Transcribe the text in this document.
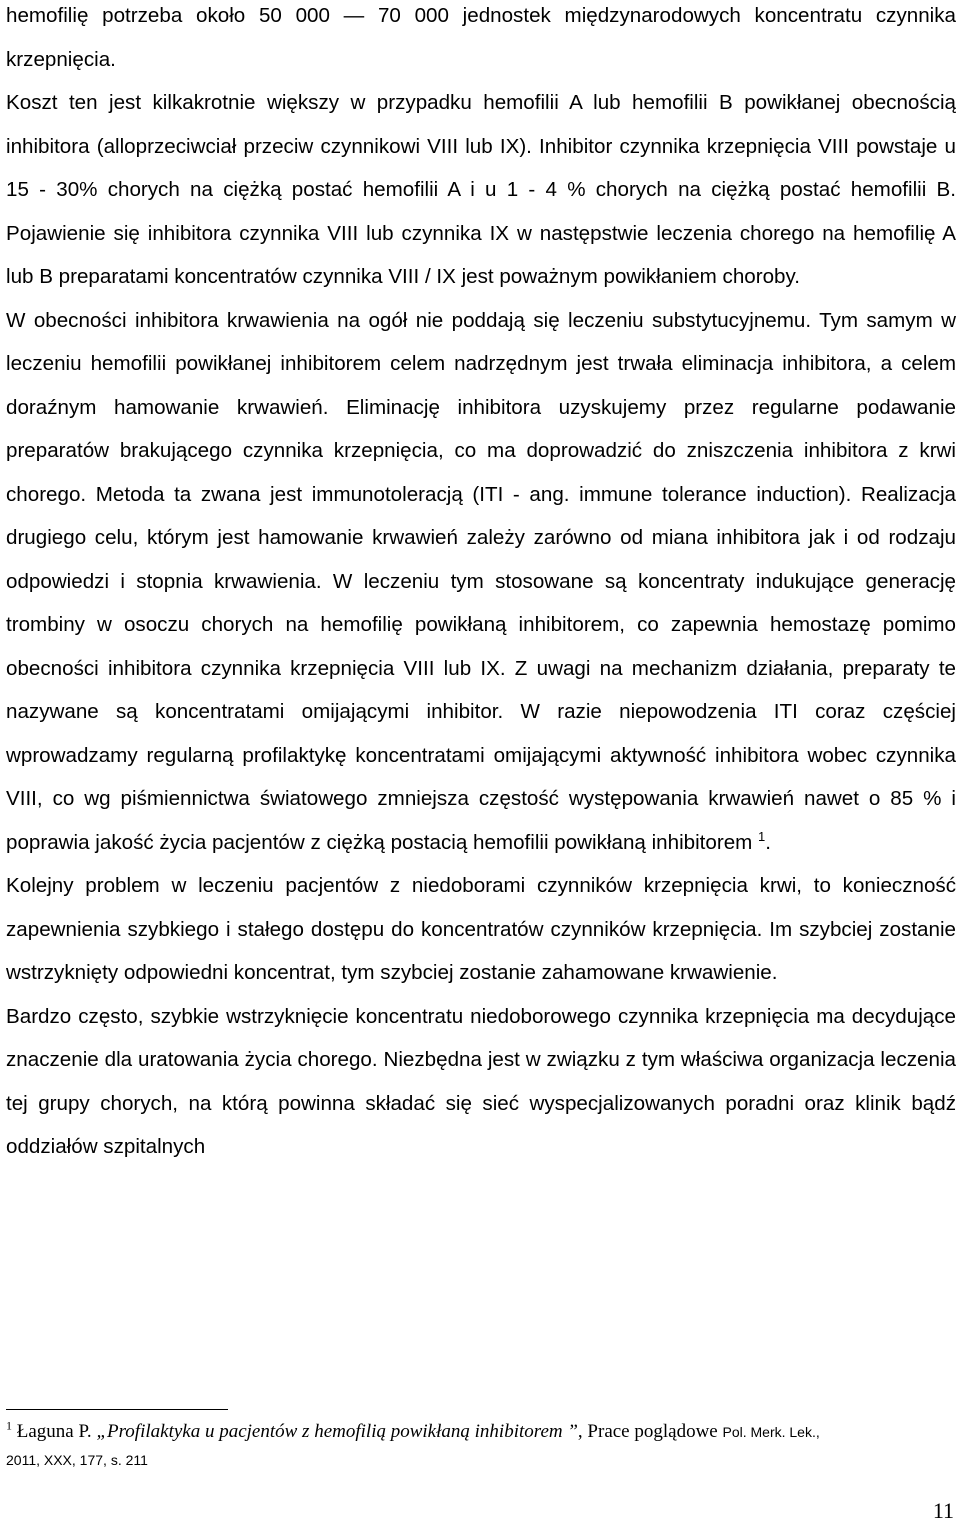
hemofilię potrzeba około 50 000 — 70 000 jednostek międzynarodowych koncentratu czynnika krzepnięcia.

Koszt ten jest kilkakrotnie większy w przypadku hemofilii A lub hemofilii B powikłanej obecnością inhibitora (alloprzeciwciał przeciw czynnikowi VIII lub IX). Inhibitor czynnika krzepnięcia VIII powstaje u 15 - 30% chorych na ciężką postać hemofilii A i u 1 - 4 % chorych na ciężką postać hemofilii B. Pojawienie się inhibitora czynnika VIII lub czynnika IX w następstwie leczenia chorego na hemofilię A lub B preparatami koncentratów czynnika VIII / IX jest poważnym powikłaniem choroby.

W obecności inhibitora krwawienia na ogół nie poddają się leczeniu substytucyjnemu. Tym samym w leczeniu hemofilii powikłanej inhibitorem celem nadrzędnym jest trwała eliminacja inhibitora, a celem doraźnym hamowanie krwawień. Eliminację inhibitora uzyskujemy przez regularne podawanie preparatów brakującego czynnika krzepnięcia, co ma doprowadzić do zniszczenia inhibitora z krwi chorego. Metoda ta zwana jest immunotoleracją (ITI - ang. immune tolerance induction). Realizacja drugiego celu, którym jest hamowanie krwawień zależy zarówno od miana inhibitora jak i od rodzaju odpowiedzi i stopnia krwawienia. W leczeniu tym stosowane są koncentraty indukujące generację trombiny w osoczu chorych na hemofilię powikłaną inhibitorem, co zapewnia hemostazę pomimo obecności inhibitora czynnika krzepnięcia VIII lub IX. Z uwagi na mechanizm działania, preparaty te nazywane są koncentratami omijającymi inhibitor. W razie niepowodzenia ITI coraz częściej wprowadzamy regularną profilaktykę koncentratami omijającymi aktywność inhibitora wobec czynnika VIII, co wg piśmiennictwa światowego zmniejsza częstość występowania krwawień nawet o 85 % i poprawia jakość życia pacjentów z ciężką postacią hemofilii powikłaną inhibitorem $^1$.

Kolejny problem w leczeniu pacjentów z niedoborami czynników krzepnięcia krwi, to konieczność zapewnienia szybkiego i stałego dostępu do koncentratów czynników krzepnięcia. Im szybciej zostanie wstrzyknięty odpowiedni koncentrat, tym szybciej zostanie zahamowane krwawienie.

Bardzo często, szybkie wstrzyknięcie koncentratu niedoborowego czynnika krzepnięcia ma decydujące znaczenie dla uratowania życia chorego. Niezbędna jest w związku z tym właściwa organizacja leczenia tej grupy chorych, na którą powinna składać się sieć wyspecjalizowanych poradni oraz klinik bądź oddziałów szpitalnych

$^1$ Łaguna P. „Profilaktyka u pacjentów z hemofilią powikłaną inhibitorem ”, Prace poglądowe Pol. Merk. Lek.,
2011, XXX, 177, s. 211
11
